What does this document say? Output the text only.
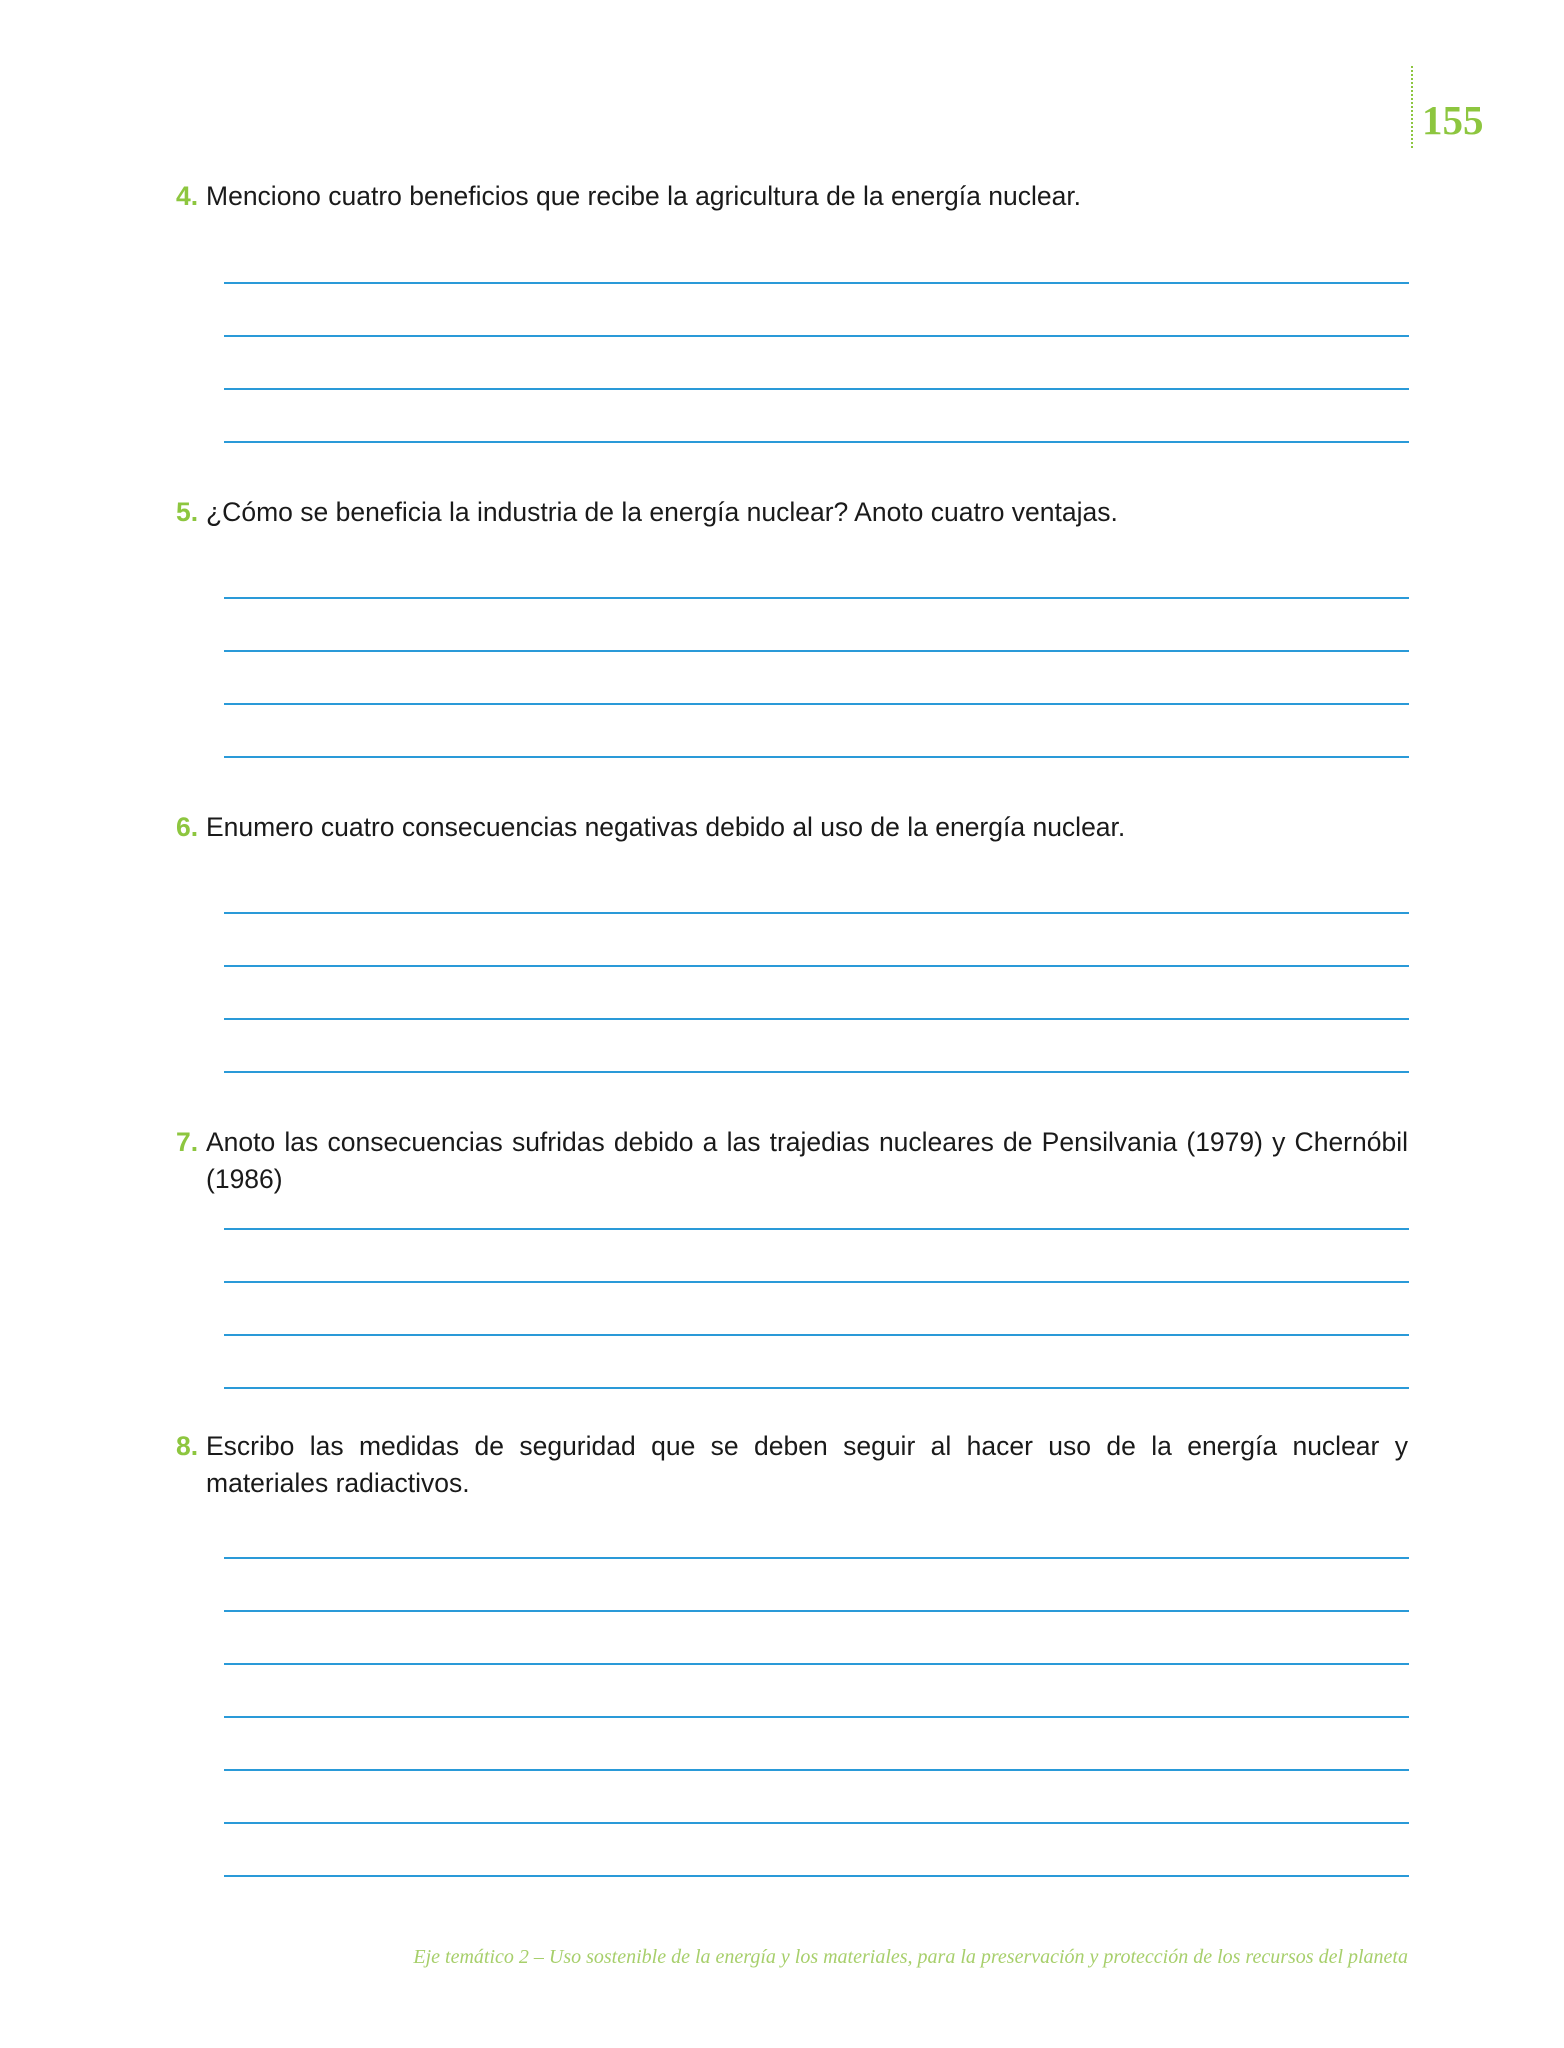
155
4. Menciono cuatro beneficios que recibe la agricultura de la energía nuclear.
5. ¿Cómo se beneficia la industria de la energía nuclear? Anoto cuatro ventajas.
6. Enumero cuatro consecuencias negativas debido al uso de la energía nuclear.
7. Anoto las consecuencias sufridas debido a las trajedias nucleares de Pensilvania (1979) y Chernóbil (1986)
8. Escribo las medidas de seguridad que se deben seguir al hacer uso de la energía nuclear y materiales radiactivos.
Eje temático 2 – Uso sostenible de la energía y los materiales, para la preservación y protección de los recursos del planeta
